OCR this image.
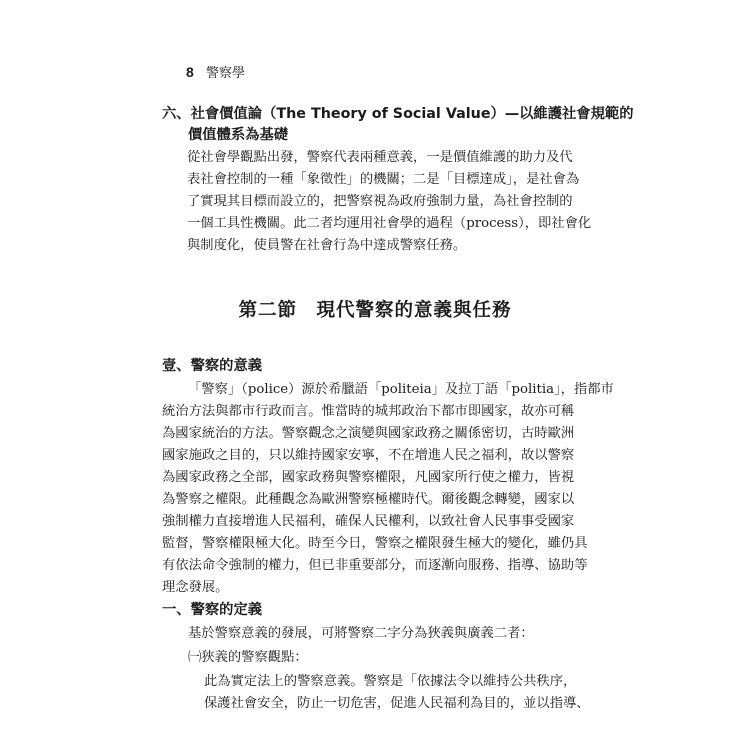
8 警察學
六、社會價值論（The Theory of Social Value）—以維護社會規範的
價值體系為基礎
從社會學觀點出發，警察代表兩種意義，一是價值維護的助力及代
表社會控制的一種「象徵性」的機關；二是「目標達成」，是社會為
了實現其目標而設立的，把警察視為政府強制力量，為社會控制的
一個工具性機關。此二者均運用社會學的過程（process），即社會化
與制度化，使員警在社會行為中達成警察任務。
第二節　現代警察的意義與任務
壹、警察的意義
「警察」（police）源於希臘語「politeia」及拉丁語「politia」，指都市
統治方法與都市行政而言。惟當時的城邦政治下都市即國家，故亦可稱
為國家統治的方法。警察觀念之演變與國家政務之關係密切，古時歐洲
國家施政之目的，只以維持國家安寧，不在增進人民之福利，故以警察
為國家政務之全部，國家政務與警察權限，凡國家所行使之權力，皆視
為警察之權限。此種觀念為歐洲警察極權時代。爾後觀念轉變，國家以
強制權力直接增進人民福利，確保人民權利，以致社會人民事事受國家
監督，警察權限極大化。時至今日，警察之權限發生極大的變化，雖仍具
有依法命令強制的權力，但已非重要部分，而逐漸向服務、指導、協助等
理念發展。
一、警察的定義
基於警察意義的發展，可將警察二字分為狹義與廣義二者：
㈠狹義的警察觀點：
此為實定法上的警察意義。警察是「依據法令以維持公共秩序，
保護社會安全，防止一切危害，促進人民福利為目的，並以指導、
